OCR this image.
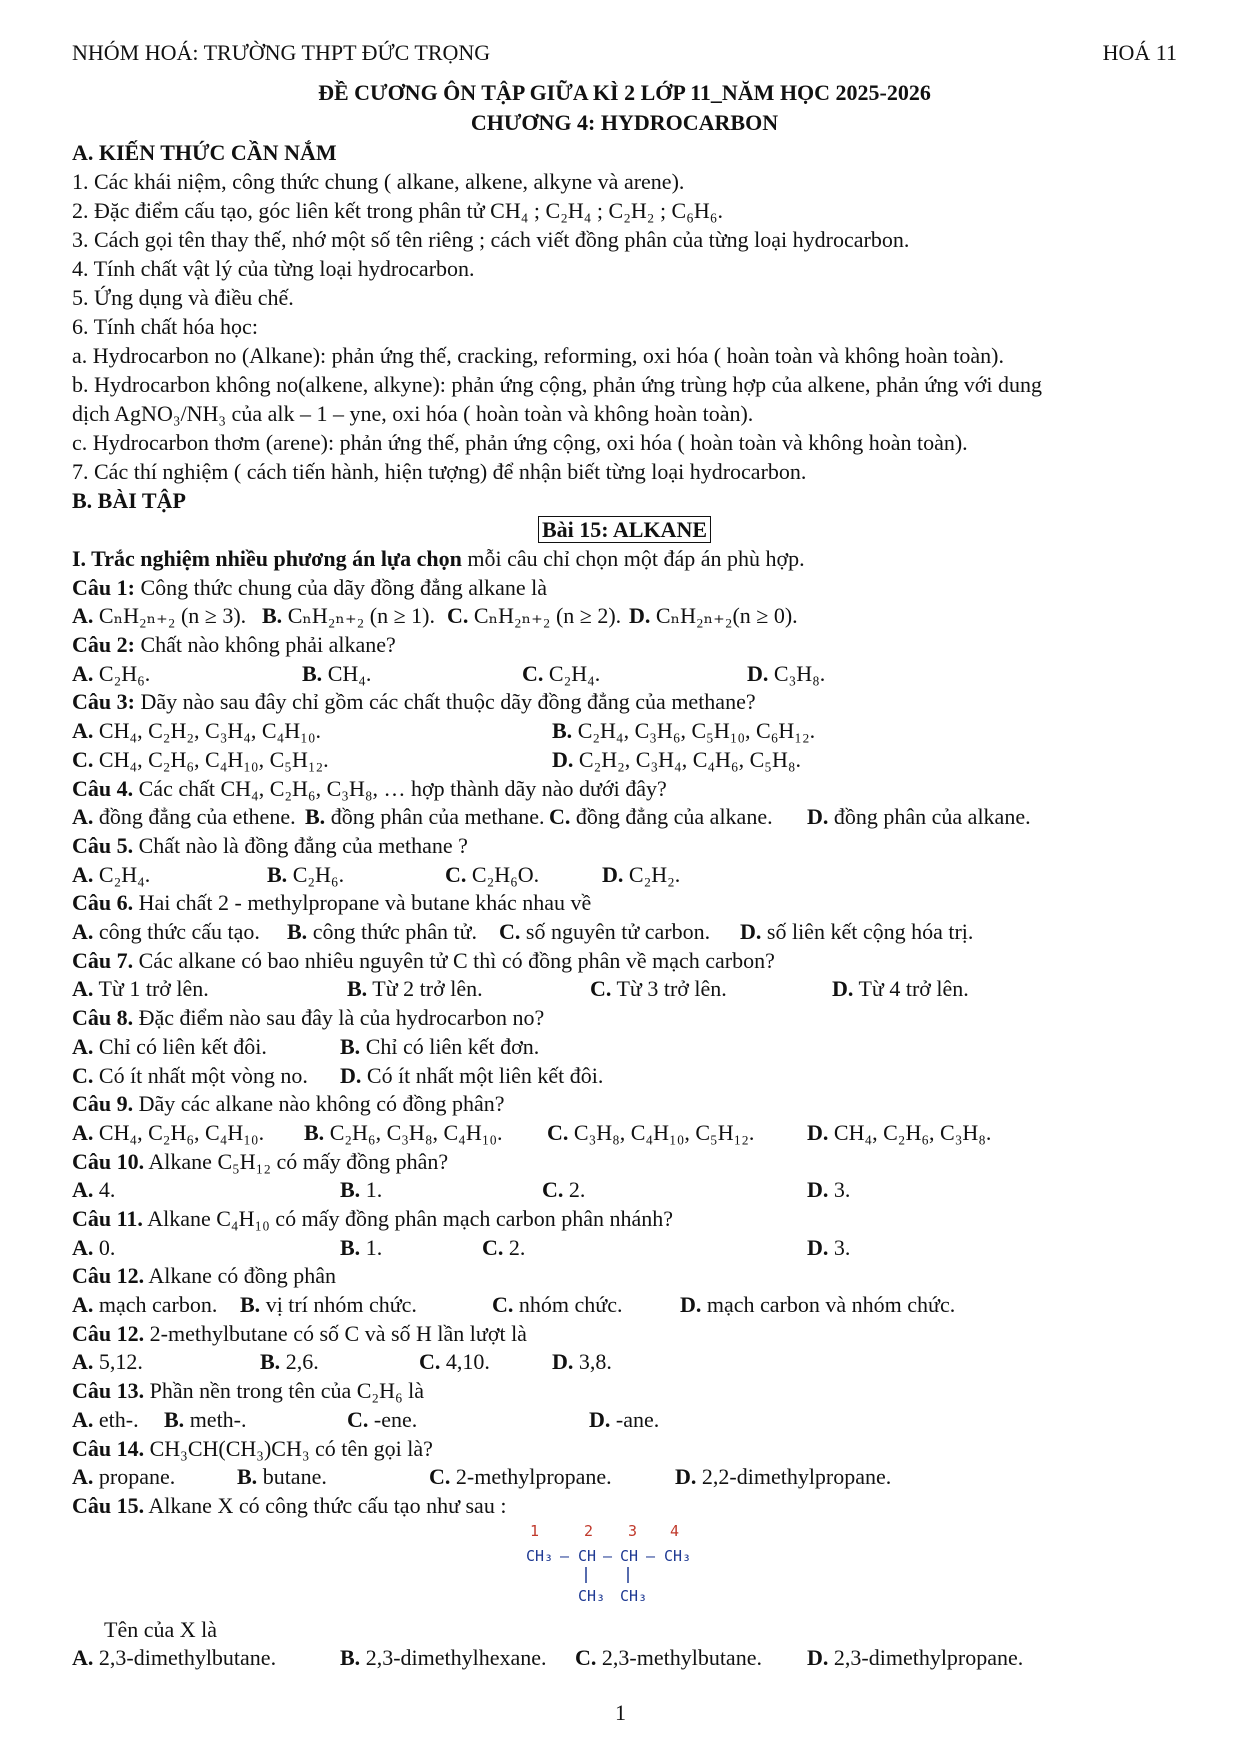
NHÓM HOÁ: TRƯỜNG THPT ĐỨC TRỌNG	HOÁ 11
ĐỀ CƯƠNG ÔN TẬP GIỮA KÌ 2 LỚP 11_NĂM HỌC 2025-2026
CHƯƠNG 4: HYDROCARBON
A. KIẾN THỨC CẦN NẮM
1. Các khái niệm, công thức chung ( alkane, alkene, alkyne và arene).
2. Đặc điểm cấu tạo, góc liên kết trong phân tử CH₄ ; C₂H₄ ; C₂H₂ ; C₆H₆.
3. Cách gọi tên thay thế, nhớ một số tên riêng ; cách viết đồng phân của từng loại hydrocarbon.
4. Tính chất vật lý của từng loại hydrocarbon.
5. Ứng dụng và điều chế.
6. Tính chất hóa học:
a. Hydrocarbon no (Alkane): phản ứng thế, cracking, reforming, oxi hóa ( hoàn toàn và không hoàn toàn).
b. Hydrocarbon không no(alkene, alkyne): phản ứng cộng, phản ứng trùng hợp của alkene, phản ứng với dung
dịch AgNO₃/NH₃ của alk – 1 – yne, oxi hóa ( hoàn toàn và không hoàn toàn).
c. Hydrocarbon thơm (arene): phản ứng thế, phản ứng cộng, oxi hóa ( hoàn toàn và không hoàn toàn).
7. Các thí nghiệm ( cách tiến hành, hiện tượng) để nhận biết từng loại hydrocarbon.
B. BÀI TẬP
Bài 15: ALKANE
I. Trắc nghiệm nhiều phương án lựa chọn mỗi câu chỉ chọn một đáp án phù hợp.
Câu 1: Công thức chung của dãy đồng đẳng alkane là
A. CₙH₂ₙ₊₂ (n ≥ 3). B. CₙH₂ₙ₊₂ (n ≥ 1). C. CₙH₂ₙ₊₂ (n ≥ 2). D. CₙH₂ₙ₊₂(n ≥ 0).
Câu 2: Chất nào không phải alkane?
A. C₂H₆.	B. CH₄.	C. C₂H₄.	D. C₃H₈.
Câu 3: Dãy nào sau đây chỉ gồm các chất thuộc dãy đồng đẳng của methane?
A. CH₄, C₂H₂, C₃H₄, C₄H₁₀.	B. C₂H₄, C₃H₆, C₅H₁₀, C₆H₁₂.
C. CH₄, C₂H₆, C₄H₁₀, C₅H₁₂.	D. C₂H₂, C₃H₄, C₄H₆, C₅H₈.
Câu 4. Các chất CH₄, C₂H₆, C₃H₈, … hợp thành dãy nào dưới đây?
A. đồng đẳng của ethene. B. đồng phân của methane. C. đồng đẳng của alkane. D. đồng phân của alkane.
Câu 5. Chất nào là đồng đẳng của methane ?
A. C₂H₄.	B. C₂H₆.	C. C₂H₆O.	D. C₂H₂.
Câu 6. Hai chất 2 - methylpropane và butane khác nhau về
A. công thức cấu tạo. B. công thức phân tử. C. số nguyên tử carbon. D. số liên kết cộng hóa trị.
Câu 7. Các alkane có bao nhiêu nguyên tử C thì có đồng phân về mạch carbon?
A. Từ 1 trở lên.	B. Từ 2 trở lên.	C. Từ 3 trở lên.	D. Từ 4 trở lên.
Câu 8. Đặc điểm nào sau đây là của hydrocarbon no?
A. Chỉ có liên kết đôi.	B. Chỉ có liên kết đơn.
C. Có ít nhất một vòng no. D. Có ít nhất một liên kết đôi.
Câu 9. Dãy các alkane nào không có đồng phân?
A. CH₄, C₂H₆, C₄H₁₀. B. C₂H₆, C₃H₈, C₄H₁₀. C. C₃H₈, C₄H₁₀, C₅H₁₂. D. CH₄, C₂H₆, C₃H₈.
Câu 10. Alkane C₅H₁₂ có mấy đồng phân?
A. 4.	B. 1.	C. 2.	D. 3.
Câu 11. Alkane C₄H₁₀ có mấy đồng phân mạch carbon phân nhánh?
A. 0.	B. 1.	C. 2.	D. 3.
Câu 12. Alkane có đồng phân
A. mạch carbon. B. vị trí nhóm chức.	C. nhóm chức.	D. mạch carbon và nhóm chức.
Câu 12. 2-methylbutane có số C và số H lần lượt là
A. 5,12.	B. 2,6.	C. 4,10.	D. 3,8.
Câu 13. Phần nền trong tên của C₂H₆ là
A. eth-. B. meth-.	C. -ene.	D. -ane.
Câu 14. CH₃CH(CH₃)CH₃ có tên gọi là?
A. propane.	B. butane.	C. 2-methylpropane.	D. 2,2-dimethylpropane.
Câu 15. Alkane X có công thức cấu tạo như sau :
1	2 3 4
CH₃ – CH – CH – CH₃
CH₃ CH₃
Tên của X là
A. 2,3-dimethylbutane.	B. 2,3-dimethylhexane. C. 2,3-methylbutane. D. 2,3-dimethylpropane.
1
